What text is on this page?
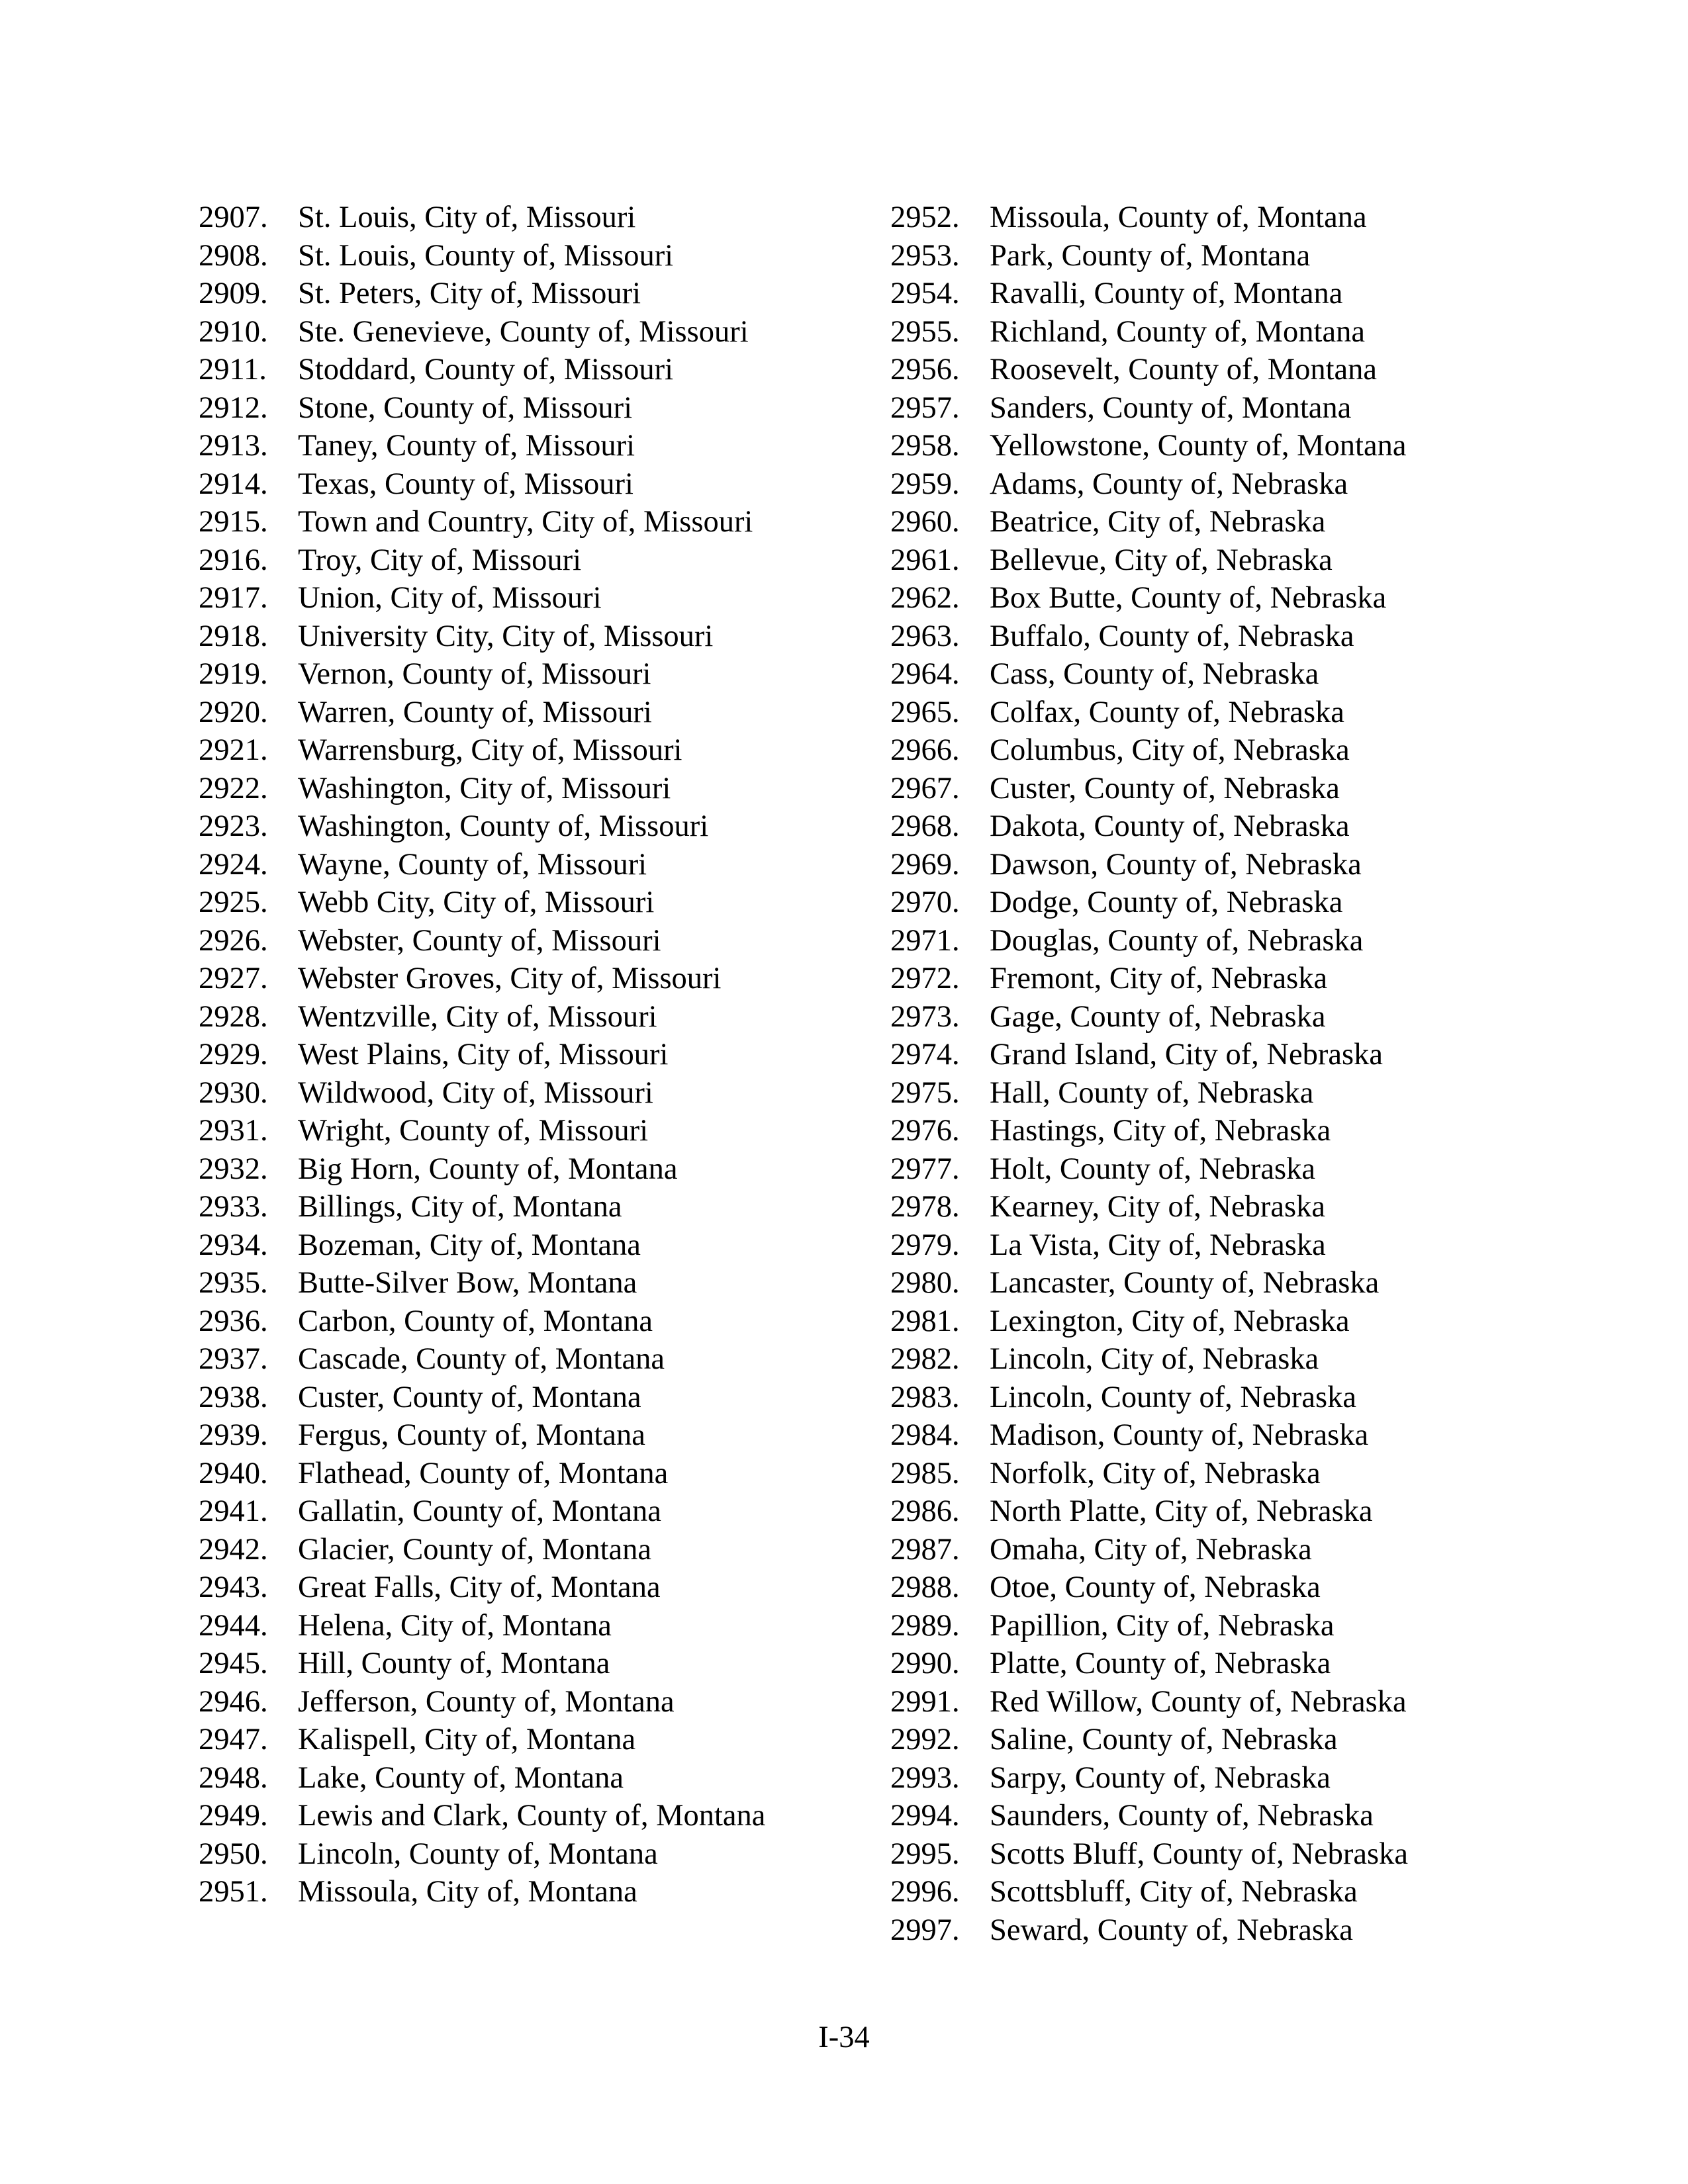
2907. St. Louis, City of, Missouri
2908. St. Louis, County of, Missouri
2909. St. Peters, City of, Missouri
2910. Ste. Genevieve, County of, Missouri
2911.	Stoddard, County of, Missouri
2912. Stone, County of, Missouri
2913. Taney, County of, Missouri
2914. Texas, County of, Missouri
2915. Town and Country, City of, Missouri
2916. Troy, City of, Missouri
2917. Union, City of, Missouri
2918. University City, City of, Missouri
2919. Vernon, County of, Missouri
2920. Warren, County of, Missouri
2921. Warrensburg, City of, Missouri
2922. Washington, City of, Missouri
2923. Washington, County of, Missouri
2924. Wayne, County of, Missouri
2925. Webb City, City of, Missouri
2926. Webster, County of, Missouri
2927. Webster Groves, City of, Missouri
2928. Wentzville, City of, Missouri
2929. West Plains, City of, Missouri
2930. Wildwood, City of, Missouri
2931. Wright, County of, Missouri
2932. Big Horn, County of, Montana
2933. Billings, City of, Montana
2934. Bozeman, City of, Montana
2935. Butte-Silver Bow, Montana
2936. Carbon, County of, Montana
2937. Cascade, County of, Montana
2938. Custer, County of, Montana
2939. Fergus, County of, Montana
2940. Flathead, County of, Montana
2941. Gallatin, County of, Montana
2942. Glacier, County of, Montana
2943. Great Falls, City of, Montana
2944. Helena, City of, Montana
2945. Hill, County of, Montana
2946. Jefferson, County of, Montana
2947. Kalispell, City of, Montana
2948. Lake, County of, Montana
2949. Lewis and Clark, County of, Montana
2950. Lincoln, County of, Montana
2951. Missoula, City of, Montana
2952. Missoula, County of, Montana
2953. Park, County of, Montana
2954. Ravalli, County of, Montana
2955. Richland, County of, Montana
2956. Roosevelt, County of, Montana
2957. Sanders, County of, Montana
2958. Yellowstone, County of, Montana
2959. Adams, County of, Nebraska
2960. Beatrice, City of, Nebraska
2961. Bellevue, City of, Nebraska
2962. Box Butte, County of, Nebraska
2963. Buffalo, County of, Nebraska
2964. Cass, County of, Nebraska
2965. Colfax, County of, Nebraska
2966. Columbus, City of, Nebraska
2967. Custer, County of, Nebraska
2968. Dakota, County of, Nebraska
2969. Dawson, County of, Nebraska
2970. Dodge, County of, Nebraska
2971. Douglas, County of, Nebraska
2972. Fremont, City of, Nebraska
2973. Gage, County of, Nebraska
2974. Grand Island, City of, Nebraska
2975. Hall, County of, Nebraska
2976. Hastings, City of, Nebraska
2977. Holt, County of, Nebraska
2978. Kearney, City of, Nebraska
2979. La Vista, City of, Nebraska
2980. Lancaster, County of, Nebraska
2981. Lexington, City of, Nebraska
2982. Lincoln, City of, Nebraska
2983. Lincoln, County of, Nebraska
2984. Madison, County of, Nebraska
2985. Norfolk, City of, Nebraska
2986. North Platte, City of, Nebraska
2987. Omaha, City of, Nebraska
2988. Otoe, County of, Nebraska
2989. Papillion, City of, Nebraska
2990. Platte, County of, Nebraska
2991. Red Willow, County of, Nebraska
2992. Saline, County of, Nebraska
2993. Sarpy, County of, Nebraska
2994. Saunders, County of, Nebraska
2995. Scotts Bluff, County of, Nebraska
2996. Scottsbluff, City of, Nebraska
2997. Seward, County of, Nebraska
I-34
